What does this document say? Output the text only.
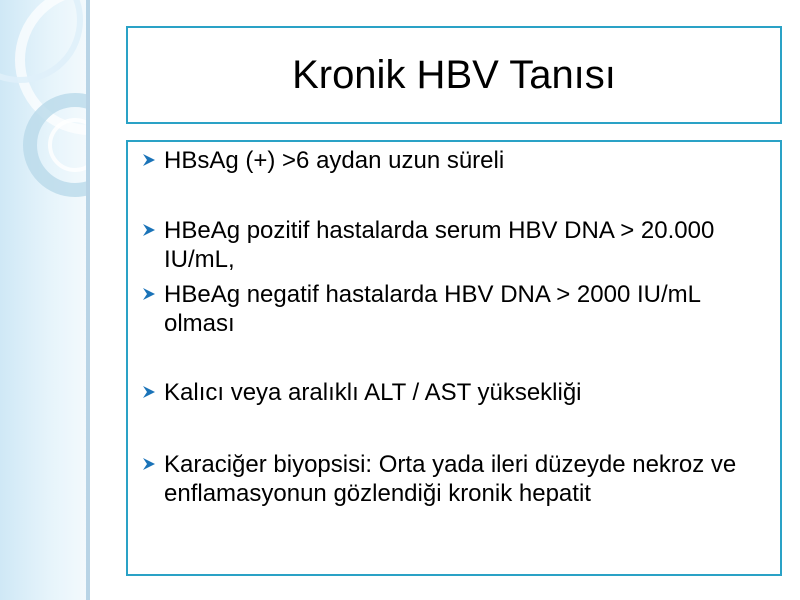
Kronik HBV Tanısı
HBsAg (+) >6 aydan uzun süreli
HBeAg pozitif hastalarda serum HBV DNA > 20.000 IU/mL,
HBeAg negatif hastalarda HBV DNA > 2000 IU/mL olması
Kalıcı veya aralıklı ALT / AST yüksekliği
Karaciğer biyopsisi: Orta yada ileri düzeyde nekroz ve enflamasyonun gözlendiği kronik hepatit
